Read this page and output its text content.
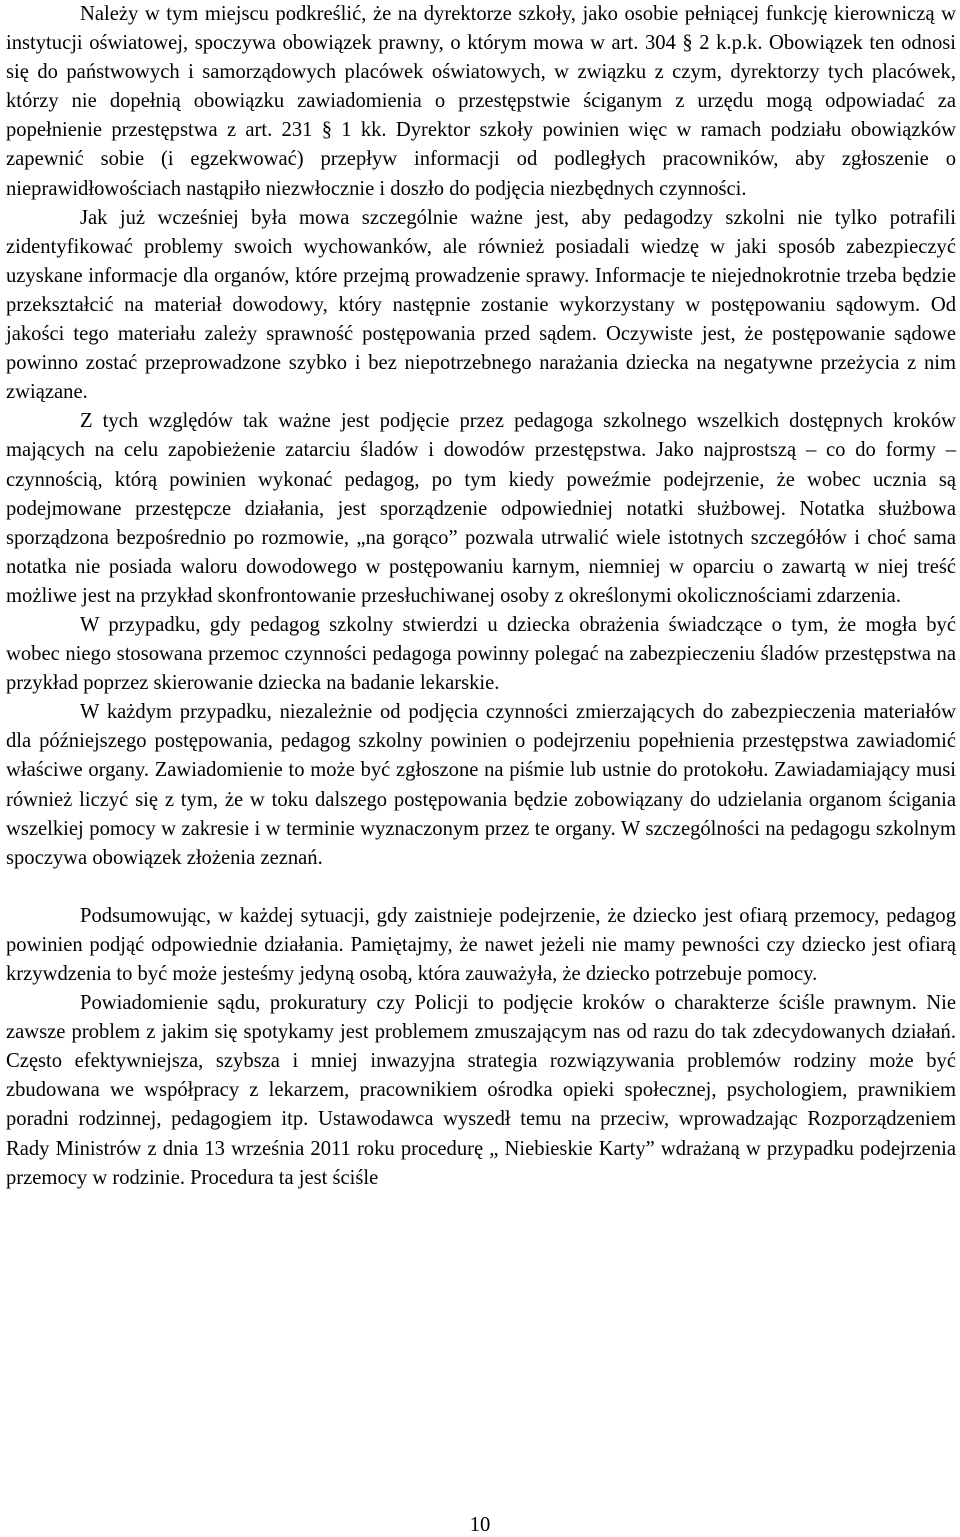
Należy w tym miejscu podkreślić, że na dyrektorze szkoły, jako osobie pełniącej funkcję kierowniczą w instytucji oświatowej, spoczywa obowiązek prawny, o którym mowa w art. 304 § 2 k.p.k. Obowiązek ten odnosi się do państwowych i samorządowych placówek oświatowych, w związku z czym, dyrektorzy tych placówek, którzy nie dopełnią obowiązku zawiadomienia o przestępstwie ściganym z urzędu mogą odpowiadać za popełnienie przestępstwa z art. 231 § 1 kk. Dyrektor szkoły powinien więc w ramach podziału obowiązków zapewnić sobie (i egzekwować) przepływ informacji od podległych pracowników, aby zgłoszenie o nieprawidłowościach nastąpiło niezwłocznie i doszło do podjęcia niezbędnych czynności.

Jak już wcześniej była mowa szczególnie ważne jest, aby pedagodzy szkolni nie tylko potrafili zidentyfikować problemy swoich wychowanków, ale również posiadali wiedzę w jaki sposób zabezpieczyć uzyskane informacje dla organów, które przejmą prowadzenie sprawy. Informacje te niejednokrotnie trzeba będzie przekształcić na materiał dowodowy, który następnie zostanie wykorzystany w postępowaniu sądowym. Od jakości tego materiału zależy sprawność postępowania przed sądem. Oczywiste jest, że postępowanie sądowe powinno zostać przeprowadzone szybko i bez niepotrzebnego narażania dziecka na negatywne przeżycia z nim związane.

Z tych względów tak ważne jest podjęcie przez pedagoga szkolnego wszelkich dostępnych kroków mających na celu zapobieżenie zatarciu śladów i dowodów przestępstwa. Jako najprostszą – co do formy – czynnością, którą powinien wykonać pedagog, po tym kiedy poweźmie podejrzenie, że wobec ucznia są podejmowane przestępcze działania, jest sporządzenie odpowiedniej notatki służbowej. Notatka służbowa sporządzona bezpośrednio po rozmowie, „na gorąco” pozwala utrwalić wiele istotnych szczegółów i choć sama notatka nie posiada waloru dowodowego w postępowaniu karnym, niemniej w oparciu o zawartą w niej treść możliwe jest na przykład skonfrontowanie przesłuchiwanej osoby z określonymi okolicznościami zdarzenia.

W przypadku, gdy pedagog szkolny stwierdzi u dziecka obrażenia świadczące o tym, że mogła być wobec niego stosowana przemoc czynności pedagoga powinny polegać na zabezpieczeniu śladów przestępstwa na przykład poprzez skierowanie dziecka na badanie lekarskie.

W każdym przypadku, niezależnie od podjęcia czynności zmierzających do zabezpieczenia materiałów dla późniejszego postępowania, pedagog szkolny powinien o podejrzeniu popełnienia przestępstwa zawiadomić właściwe organy. Zawiadomienie to może być zgłoszone na piśmie lub ustnie do protokołu. Zawiadamiający musi również liczyć się z tym, że w toku dalszego postępowania będzie zobowiązany do udzielania organom ścigania wszelkiej pomocy w zakresie i w terminie wyznaczonym przez te organy. W szczególności na pedagogu szkolnym spoczywa obowiązek złożenia zeznań.

Podsumowując, w każdej sytuacji, gdy zaistnieje podejrzenie, że dziecko jest ofiarą przemocy, pedagog powinien podjąć odpowiednie działania. Pamiętajmy, że nawet jeżeli nie mamy pewności czy dziecko jest ofiarą krzywdzenia to być może jesteśmy jedyną osobą, która zauważyła, że dziecko potrzebuje pomocy.

Powiadomienie sądu, prokuratury czy Policji to podjęcie kroków o charakterze ściśle prawnym. Nie zawsze problem z jakim się spotykamy jest problemem zmuszającym nas od razu do tak zdecydowanych działań. Często efektywniejsza, szybsza i mniej inwazyjna strategia rozwiązywania problemów rodziny może być zbudowana we współpracy z lekarzem, pracownikiem ośrodka opieki społecznej, psychologiem, prawnikiem poradni rodzinnej, pedagogiem itp. Ustawodawca wyszedł temu na przeciw, wprowadzając Rozporządzeniem Rady Ministrów z dnia 13 września 2011 roku procedurę „ Niebieskie Karty” wdrażaną w przypadku podejrzenia przemocy w rodzinie. Procedura ta jest ściśle

10
